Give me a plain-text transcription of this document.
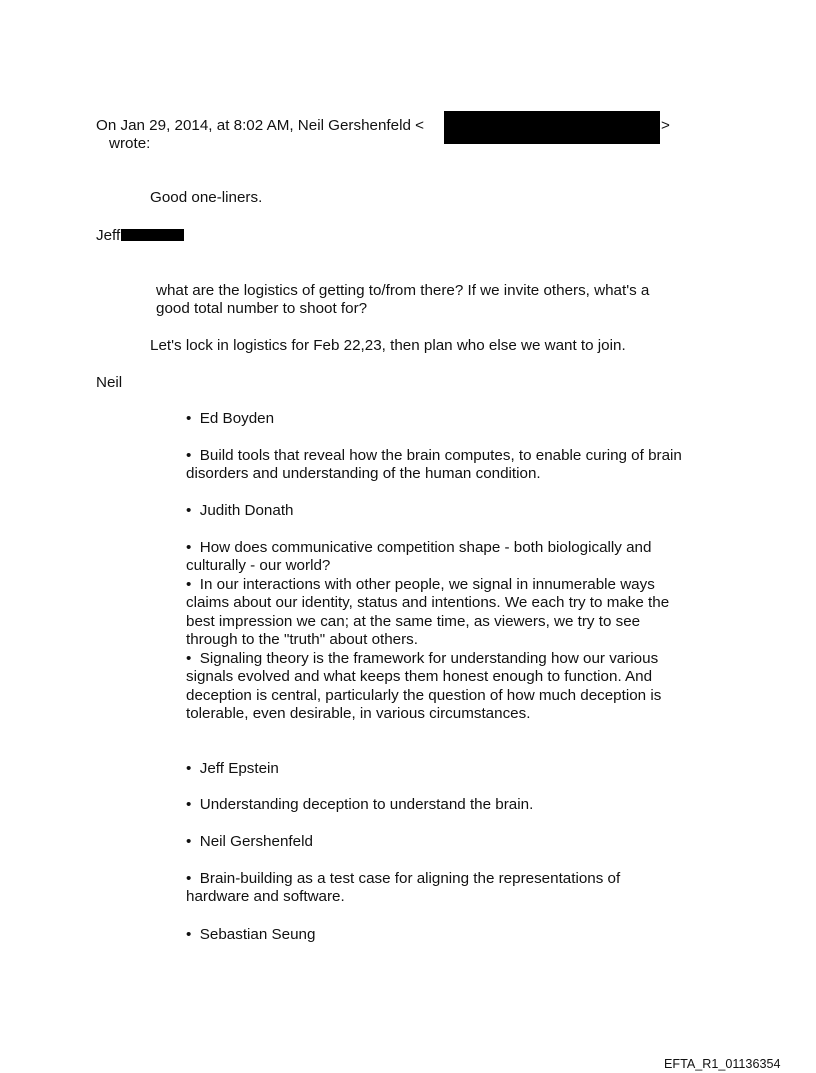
On Jan 29, 2014, at 8:02 AM, Neil Gershenfeld <	>
wrote:
Good one-liners.
Jeff
what are the logistics of getting to/from there? If we invite others, what's a good total number to shoot for?
Let's lock in logistics for Feb 22,23, then plan who else we want to join.
Neil
•  Ed Boyden
•  Build tools that reveal how the brain computes, to enable curing of brain disorders and understanding of the human condition.
•  Judith Donath
•  How does communicative competition shape - both biologically and culturally - our world?
•  In our interactions with other people, we signal in innumerable ways claims about our identity, status and intentions. We each try to make the best impression we can; at the same time, as viewers, we try to see through to the "truth" about others.
•  Signaling theory is the framework for understanding how our various signals evolved and what keeps them honest enough to function. And deception is central, particularly the question of how much deception is tolerable, even desirable, in various circumstances.
•  Jeff Epstein
•  Understanding deception to understand the brain.
•  Neil Gershenfeld
•  Brain-building as a test case for aligning the representations of hardware and software.
•  Sebastian Seung
EFTA_R1_01136354
